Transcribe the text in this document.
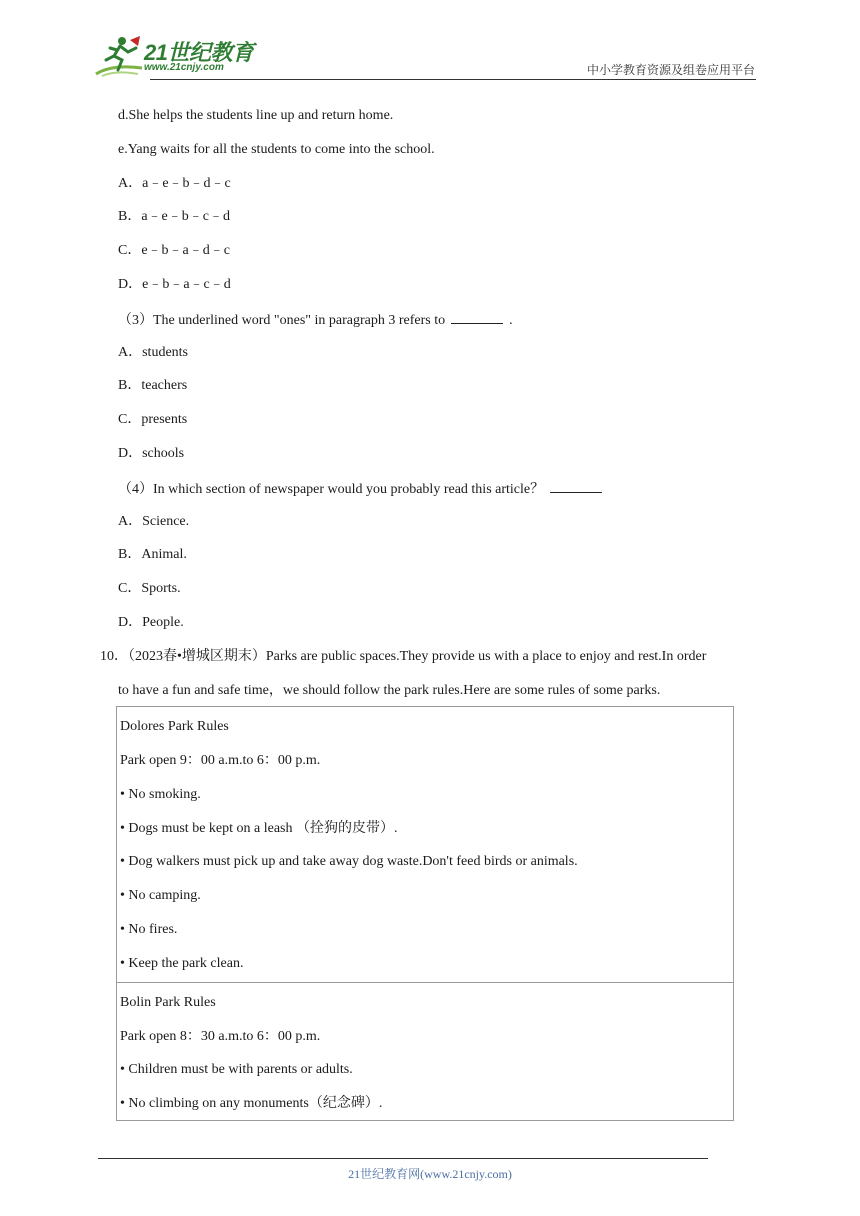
21世纪教育
www.21cnjy.com	中小学教育资源及组卷应用平台
d.She helps the students line up and return home.
e.Yang waits for all the students to come into the school.
A．a﹣e﹣b﹣d﹣c
B．a﹣e﹣b﹣c﹣d
C．e﹣b﹣a﹣d﹣c
D．e﹣b﹣a﹣c﹣d
（3）The underlined word "ones" in paragraph 3 refers to	.
A．students
B．teachers
C．presents
D．schools
（4）In which section of newspaper would you probably read this article？
A．Science.
B．Animal.
C．Sports.
D．People.
10．（2023春•增城区期末）Parks are public spaces.They provide us with a place to enjoy and rest.In order
to have a fun and safe time，we should follow the park rules.Here are some rules of some parks.
Dolores Park Rules
Park open 9：00 a.m.to 6：00 p.m.
• No smoking.
• Dogs must be kept on a leash （拴狗的皮带）.
• Dog walkers must pick up and take away dog waste.Don't feed birds or animals.
• No camping.
• No fires.
• Keep the park clean.
Bolin Park Rules
Park open 8：30 a.m.to 6：00 p.m.
• Children must be with parents or adults.
• No climbing on any monuments（纪念碑）.
21世纪教育网(www.21cnjy.com)
